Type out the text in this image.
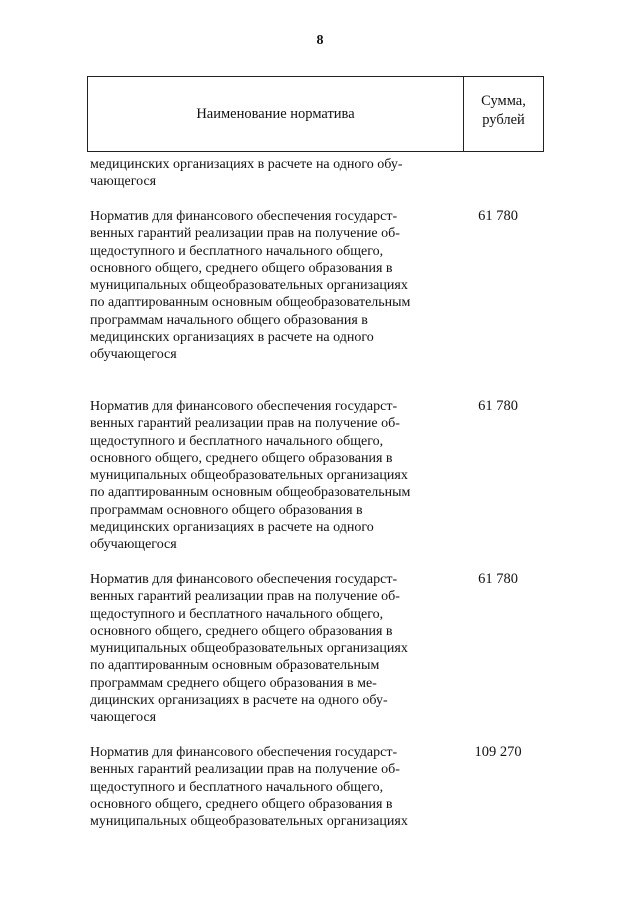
8
Наименование норматива
Сумма,
рублей
медицинских организациях в расчете на одного обу-
чающегося
Норматив для финансового обеспечения государст-
венных гарантий реализации прав на получение об-
щедоступного и бесплатного начального общего,
основного общего, среднего общего образования в
муниципальных общеобразовательных организациях
по адаптированным основным общеобразовательным
программам начального общего образования в
медицинских организациях в расчете на одного
обучающегося
61 780
Норматив для финансового обеспечения государст-
венных гарантий реализации прав на получение об-
щедоступного и бесплатного начального общего,
основного общего, среднего общего образования в
муниципальных общеобразовательных организациях
по адаптированным основным общеобразовательным
программам основного общего образования в
медицинских организациях в расчете на одного
обучающегося
61 780
Норматив для финансового обеспечения государст-
венных гарантий реализации прав на получение об-
щедоступного и бесплатного начального общего,
основного общего, среднего общего образования в
муниципальных общеобразовательных организациях
по адаптированным основным образовательным
программам среднего общего образования в ме-
дицинских организациях в расчете на одного обу-
чающегося
61 780
Норматив для финансового обеспечения государст-
венных гарантий реализации прав на получение об-
щедоступного и бесплатного начального общего,
основного общего, среднего общего образования в
муниципальных общеобразовательных организациях
109 270
